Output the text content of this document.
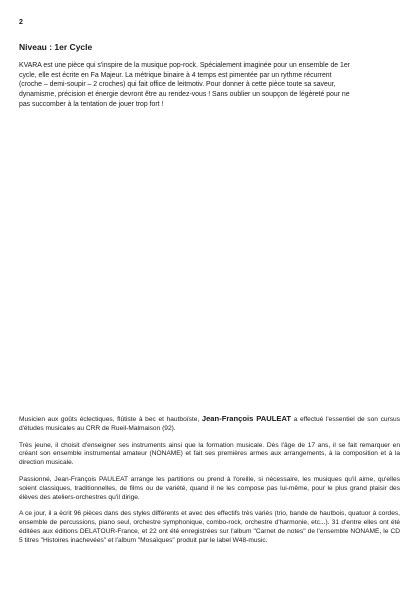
2
Niveau : 1er Cycle
KVARA est une pièce qui s'inspire de la musique pop-rock. Spécialement imaginée pour un ensemble de 1er
cycle, elle est écrite en Fa Majeur. La métrique binaire à 4 temps est pimentée par un rythme récurrent
(croche – demi-soupir – 2 croches) qui fait office de leitmotiv. Pour donner à cette pièce toute sa saveur,
dynamisme, précision et énergie devront être au rendez-vous ! Sans oublier un soupçon de légèreté pour ne
pas succomber à la tentation de jouer trop fort !

Musicien aux goûts éclectiques, flûtiste à bec et hautboïste, Jean-François PAULEAT a effectué l'essentiel de son cursus d'études musicales au CRR de Rueil-Malmaison (92).

Très jeune, il choisit d'enseigner ses instruments ainsi que la formation musicale. Dès l'âge de 17 ans, il se fait remarquer en créant son ensemble instrumental amateur (NONAME) et fait ses premières armes aux arrangements, à la composition et à la direction musicale.

Passionné, Jean-François PAULEAT arrange les partitions ou prend à l'oreille, si nécessaire, les musiques qu'il aime, qu'elles soient classiques, traditionnelles, de films ou de variété, quand il ne les compose pas lui-même, pour le plus grand plaisir des élèves des ateliers-orchestres qu'il dirige.

A ce jour, il a écrit 96 pièces dans des styles différents et avec des effectifs très variés (trio, bande de hautbois, quatuor à cordes, ensemble de percussions, piano seul, orchestre symphonique, combo-rock, orchestre d'harmonie, etc...). 31 d'entre elles ont été éditées aux éditions DELATOUR-France, et 22 ont été enregistrées sur l'album "Carnet de notes" de l'ensemble NONAME, le CD 5 titres "Histoires inachevées" et l'album "Mosaïques" produit par le label W48-music.
